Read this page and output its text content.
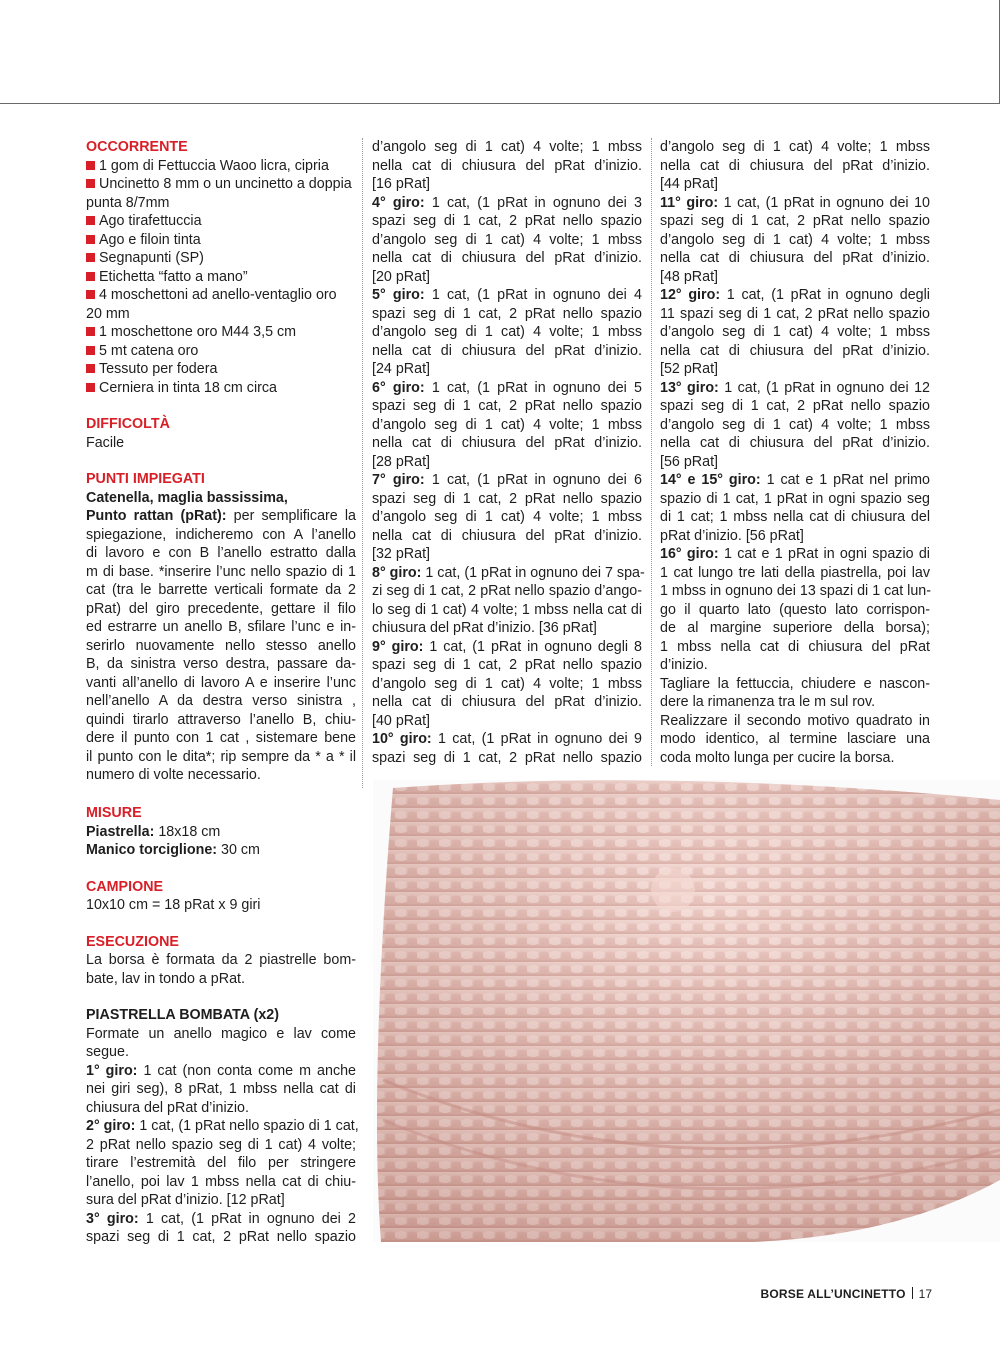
OCCORRENTE
1 gom di Fettuccia Waoo licra, cipria
Uncinetto 8 mm o un uncinetto a doppia
punta 8/7mm
Ago tirafettuccia
Ago e filoin tinta
Segnapunti (SP)
Etichetta “fatto a mano”
4 moschettoni ad anello-ventaglio oro
20 mm
1 moschettone oro M44 3,5 cm
5 mt catena oro
Tessuto per fodera
Cerniera in tinta 18 cm circa
DIFFICOLTÀ
Facile
PUNTI IMPIEGATI
Catenella, maglia bassissima,
Punto rattan (pRat): per semplificare la
spiegazione, indicheremo con A l’anello
di lavoro e con B l’anello estratto dalla
m di base. *inserire l’unc nello spazio di 1
cat (tra le barrette verticali formate da 2
pRat) del giro precedente, gettare il filo
ed estrarre un anello B, sfilare l’unc e in-
serirlo nuovamente nello stesso anello
B, da sinistra verso destra, passare da-
vanti all’anello di lavoro A e inserire l’unc
nell’anello A da destra verso sinistra ,
quindi tirarlo attraverso l’anello B, chiu-
dere il punto con 1 cat , sistemare bene
il punto con le dita*; rip sempre da * a * il
numero di volte necessario.
MISURE
Piastrella: 18x18 cm
Manico torciglione: 30 cm
CAMPIONE
10x10 cm = 18 pRat x 9 giri
ESECUZIONE
La borsa è formata da 2 piastrelle bom-
bate, lav in tondo a pRat.
PIASTRELLA BOMBATA (x2)
Formate un anello magico e lav come
segue.
1° giro: 1 cat (non conta come m anche
nei giri seg), 8 pRat, 1 mbss nella cat di
chiusura del pRat d’inizio.
2° giro: 1 cat, (1 pRat nello spazio di 1 cat,
2 pRat nello spazio seg di 1 cat) 4 volte;
tirare l’estremità del filo per stringere
l’anello, poi lav 1 mbss nella cat di chiu-
sura del pRat d’inizio. [12 pRat]
3° giro: 1 cat, (1 pRat in ognuno dei 2
spazi seg di 1 cat, 2 pRat nello spazio
d’angolo seg di 1 cat) 4 volte; 1 mbss
nella cat di chiusura del pRat d’inizio.
[16 pRat]
4° giro: 1 cat, (1 pRat in ognuno dei 3
spazi seg di 1 cat, 2 pRat nello spazio
d’angolo seg di 1 cat) 4 volte; 1 mbss
nella cat di chiusura del pRat d’inizio.
[20 pRat]
5° giro: 1 cat, (1 pRat in ognuno dei 4
spazi seg di 1 cat, 2 pRat nello spazio
d’angolo seg di 1 cat) 4 volte; 1 mbss
nella cat di chiusura del pRat d’inizio.
[24 pRat]
6° giro: 1 cat, (1 pRat in ognuno dei 5
spazi seg di 1 cat, 2 pRat nello spazio
d’angolo seg di 1 cat) 4 volte; 1 mbss
nella cat di chiusura del pRat d’inizio.
[28 pRat]
7° giro: 1 cat, (1 pRat in ognuno dei 6
spazi seg di 1 cat, 2 pRat nello spazio
d’angolo seg di 1 cat) 4 volte; 1 mbss
nella cat di chiusura del pRat d’inizio.
[32 pRat]
8° giro: 1 cat, (1 pRat in ognuno dei 7 spa-
zi seg di 1 cat, 2 pRat nello spazio d’ango-
lo seg di 1 cat) 4 volte; 1 mbss nella cat di
chiusura del pRat d’inizio. [36 pRat]
9° giro: 1 cat, (1 pRat in ognuno degli 8
spazi seg di 1 cat, 2 pRat nello spazio
d’angolo seg di 1 cat) 4 volte; 1 mbss
nella cat di chiusura del pRat d’inizio.
[40 pRat]
10° giro: 1 cat, (1 pRat in ognuno dei 9
spazi seg di 1 cat, 2 pRat nello spazio
d’angolo seg di 1 cat) 4 volte; 1 mbss
nella cat di chiusura del pRat d’inizio.
[44 pRat]
11° giro: 1 cat, (1 pRat in ognuno dei 10
spazi seg di 1 cat, 2 pRat nello spazio
d’angolo seg di 1 cat) 4 volte; 1 mbss
nella cat di chiusura del pRat d’inizio.
[48 pRat]
12° giro: 1 cat, (1 pRat in ognuno degli
11 spazi seg di 1 cat, 2 pRat nello spazio
d’angolo seg di 1 cat) 4 volte; 1 mbss
nella cat di chiusura del pRat d’inizio.
[52 pRat]
13° giro: 1 cat, (1 pRat in ognuno dei 12
spazi seg di 1 cat, 2 pRat nello spazio
d’angolo seg di 1 cat) 4 volte; 1 mbss
nella cat di chiusura del pRat d’inizio.
[56 pRat]
14° e 15° giro: 1 cat e 1 pRat nel primo
spazio di 1 cat, 1 pRat in ogni spazio seg
di 1 cat; 1 mbss nella cat di chiusura del
pRat d’inizio. [56 pRat]
16° giro: 1 cat e 1 pRat in ogni spazio di
1 cat lungo tre lati della piastrella, poi lav
1 mbss in ognuno dei 13 spazi di 1 cat lun-
go il quarto lato (questo lato corrispon-
de al margine superiore della borsa);
1 mbss nella cat di chiusura del pRat
d’inizio.
Tagliare la fettuccia, chiudere e nascon-
dere la rimanenza tra le m sul rov.
Realizzare il secondo motivo quadrato in
modo identico, al termine lasciare una
coda molto lunga per cucire la borsa.
BORSE ALL’UNCINETTO 17
